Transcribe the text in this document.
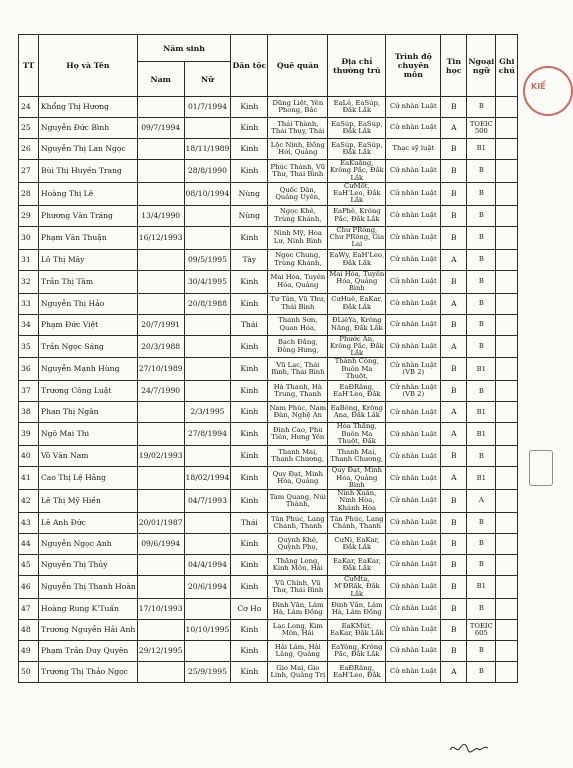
TT	Họ và Tên	Năm sinh		Dân tộc	Quê quán	Địa chỉ thường trú	Trình độ chuyên môn	Tin học	Ngoại ngữ	Ghi chú
		Nam	Nữ							
24	Khổng Thị Hương		01/7/1994	Kinh	Dũng Liệt, Yên Phong, Bắc	EaLê, EaSúp, Đắk Lắk	Cử nhân Luật	B	B	
25	Nguyễn Đức Bình	09/7/1994		Kinh	Thái Thành, Thái Thụy, Thái	EaSúp, EaSúp, Đắk Lắk	Cử nhân Luật	A	TOEIC 500	
26	Nguyễn Thị Lan Ngọc		18/11/1989	Kinh	Lộc Ninh, Đồng Hới, Quảng	EaSúp, EaSúp, Đắk Lắk	Thạc sỹ luật	B	B1	
27	Bùi Thị Huyền Trang		28/8/1990	Kinh	Phúc Thành, Vũ Thư, Thái Bình	EaKuăng, Krông Pắc, Đắk Lắk	Cử nhân Luật	B	B	
28	Hoàng Thị Lê		08/10/1994	Nùng	Quốc Dân, Quảng Uyên,	CưMốt, EaH'Leo, Đắk Lắk	Cử nhân Luật	B	B	
29	Phương Văn Tráng	13/4/1990		Nùng	Ngọc Khê, Trùng Khánh,	EaPhê, Krông Pắc, Đắk Lắk	Cử nhân Luật	B	B	
30	Phạm Văn Thuận	16/12/1993		Kinh	Ninh Mỹ, Hoa Lư, Ninh Bình	Chư PRông, Chư PRông, Gia Lai	Cử nhân Luật	B	B	
31	Lô Thị Mây		09/5/1995	Tày	Ngọc Chung, Trùng Khánh,	EaWy, EaH'Leo, Đắk Lắk	Cử nhân Luật	A	B	
32	Trần Thị Tâm		30/4/1995	Kinh	Mai Hóa, Tuyên Hóa, Quảng	Mai Hóa, Tuyên Hóa, Quảng Bình	Cử nhân Luật	B	B	
33	Nguyễn Thị Hảo		20/8/1988	Kinh	Tư Tân, Vũ Thư, Thái Bình	CưHuê, EaKar, Đắk Lắk	Cử nhân Luật	A	B	
34	Phạm Đức Việt	20/7/1991		Thái	Thanh Sơn, Quan Hóa,	ĐLiêYa, Krông Năng, Đắk Lắk	Cử nhân Luật	B	B	
35	Trần Ngọc Sáng	20/3/1988		Kinh	Bạch Đằng, Đông Hưng,	Phước An, Krông Pắc, Đắk Lắk	Cử nhân Luật	A	B	
36	Nguyễn Mạnh Hùng	27/10/1989		Kinh	Vũ Lạc, Thái Bình, Thái Bình	Thành Công, Buôn Ma Thuột,	Cử nhân Luật (VB 2)	B	B1	
37	Trương Công Luật	24/7/1990		Kinh	Hà Thanh, Hà Trung, Thanh	EaĐRăng, EaH'Leo, Đắk	Cử nhân Luật (VB 2)	B	B	
38	Phan Thị Ngân		2/3/1995	Kinh	Nam Phúc, Nam Đàn, Nghệ An	EaBông, Krông Ana, Đắk Lắk	Cử nhân Luật	A	B1	
39	Ngô Mai Thi		27/8/1994	Kinh	Đình Cao, Phù Tiên, Hưng Yên	Hòa Thắng, Buôn Ma Thuột, Đắk	Cử nhân Luật	A	B1	
40	Võ Văn Nam	19/02/1993		Kinh	Thanh Mai, Thanh Chương,	Thanh Mai, Thanh Chương,	Cử nhân Luật	B	B	
41	Cao Thị Lệ Hằng		18/02/1994	Kinh	Quy Đạt, Minh Hóa, Quảng	Quy Đạt, Minh Hóa, Quảng Bình	Cử nhân Luật	A	B1	
42	Lê Thị Mỹ Hiền		04/7/1993	Kinh	Tam Quang, Núi Thành,	Ninh Xuân, Ninh Hòa, Khánh Hòa	Cử nhân Luật	B	A	
43	Lê Anh Đức	20/01/1987		Thái	Tân Phúc, Lang Chánh, Thanh	Tân Phúc, Lang Chánh, Thanh	Cử nhân Luật	B	B	
44	Nguyễn Ngọc Anh	09/6/1994		Kinh	Quỳnh Khê, Quỳnh Phụ,	CưNi, EaKar, Đắk Lắk	Cử nhân Luật	B	B	
45	Nguyễn Thị Thủy		04/4/1994	Kinh	Thăng Long, Kinh Môn, Hải	EaKar, EaKar, Đắk Lắk	Cử nhân Luật	B	B	
46	Nguyễn Thị Thanh Hoàn		20/6/1994	Kinh	Vũ Chính, Vũ Thư, Thái Bình	CưMta, M'ĐRăk, Đắk Lắk	Cử nhân Luật	B	B1	
47	Hoàng Rung K'Tuấn	17/10/1993		Cơ Ho	Đinh Văn, Lâm Hà, Lâm Đồng	Đinh Văn, Lâm Hà, Lâm Đồng	Cử nhân Luật	B	B	
48	Trương Nguyễn Hải Anh		10/10/1995	Kinh	Lạc Long, Kim Môn, Hải	EaKMút, EaKar, Đắk Lắk	Cử nhân Luật	B	TOEIC 605	
49	Phạm Trần Duy Quyên	29/12/1995		Kinh	Hải Lâm, Hải Lăng, Quảng	EaYông, Krông Pắc, Đắk Lắk	Cử nhân Luật	B	B	
50	Trương Thị Thảo Ngọc		25/9/1995	Kinh	Gio Mai, Gio Linh, Quảng Trị	EaĐRăng, EaH'Leo, Đắk	Cử nhân Luật	A	B	
KIỂ
